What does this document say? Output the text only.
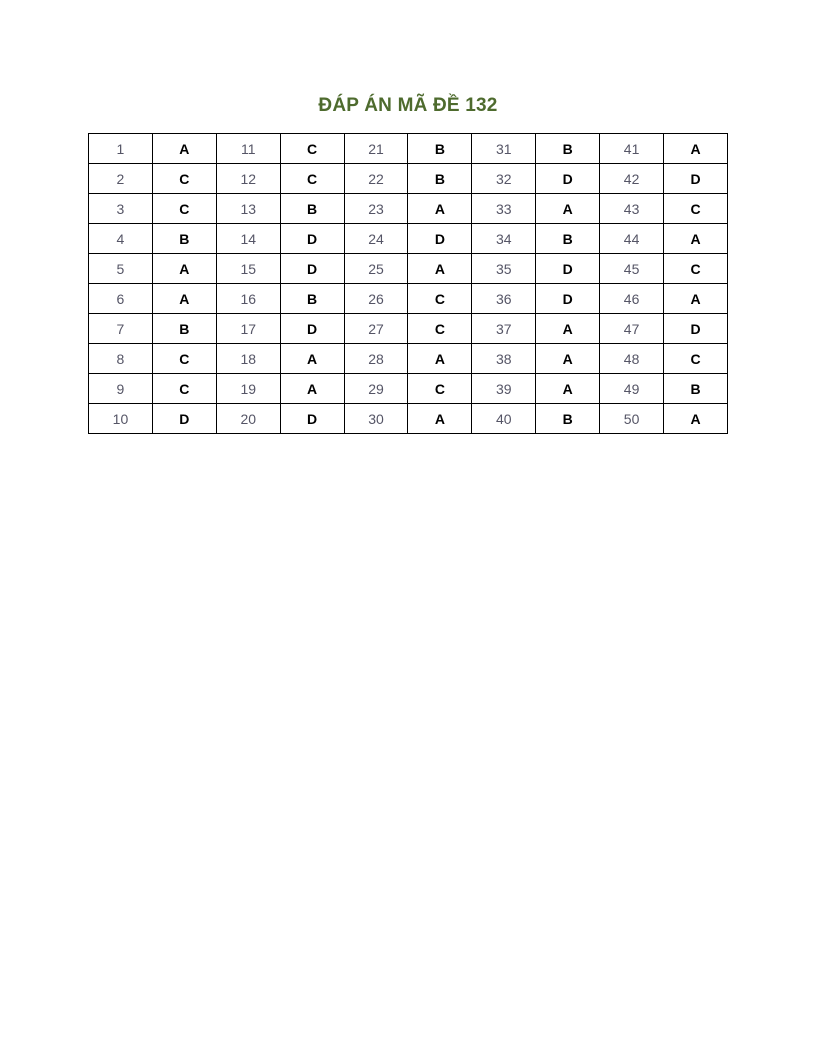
ĐÁP ÁN MÃ ĐỀ 132
1	A	11	C	21	B	31	B	41	A
2	C	12	C	22	B	32	D	42	D
3	C	13	B	23	A	33	A	43	C
4	B	14	D	24	D	34	B	44	A
5	A	15	D	25	A	35	D	45	C
6	A	16	B	26	C	36	D	46	A
7	B	17	D	27	C	37	A	47	D
8	C	18	A	28	A	38	A	48	C
9	C	19	A	29	C	39	A	49	B
10	D	20	D	30	A	40	B	50	A
